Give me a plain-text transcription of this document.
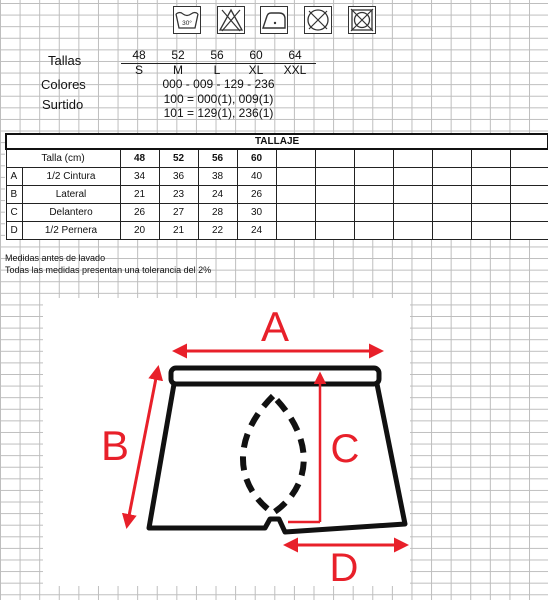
30°
Tallas	48	52	56	60	64
S	M	L	XL	XXL
Colores	000 - 009 - 129 - 236
Surtido	100 = 000(1), 009(1)
101 = 129(1), 236(1)
TALLAJE												
Talla (cm)		48	52	56	60							
A	1/2 Cintura	34	36	38	40							
B	Lateral	21	23	24	26							
C	Delantero	26	27	28	30							
D	1/2 Pernera	20	21	22	24							
Medidas antes de lavado
Todas las medidas presentan una tolerancia del 2%
A
B	C
D
